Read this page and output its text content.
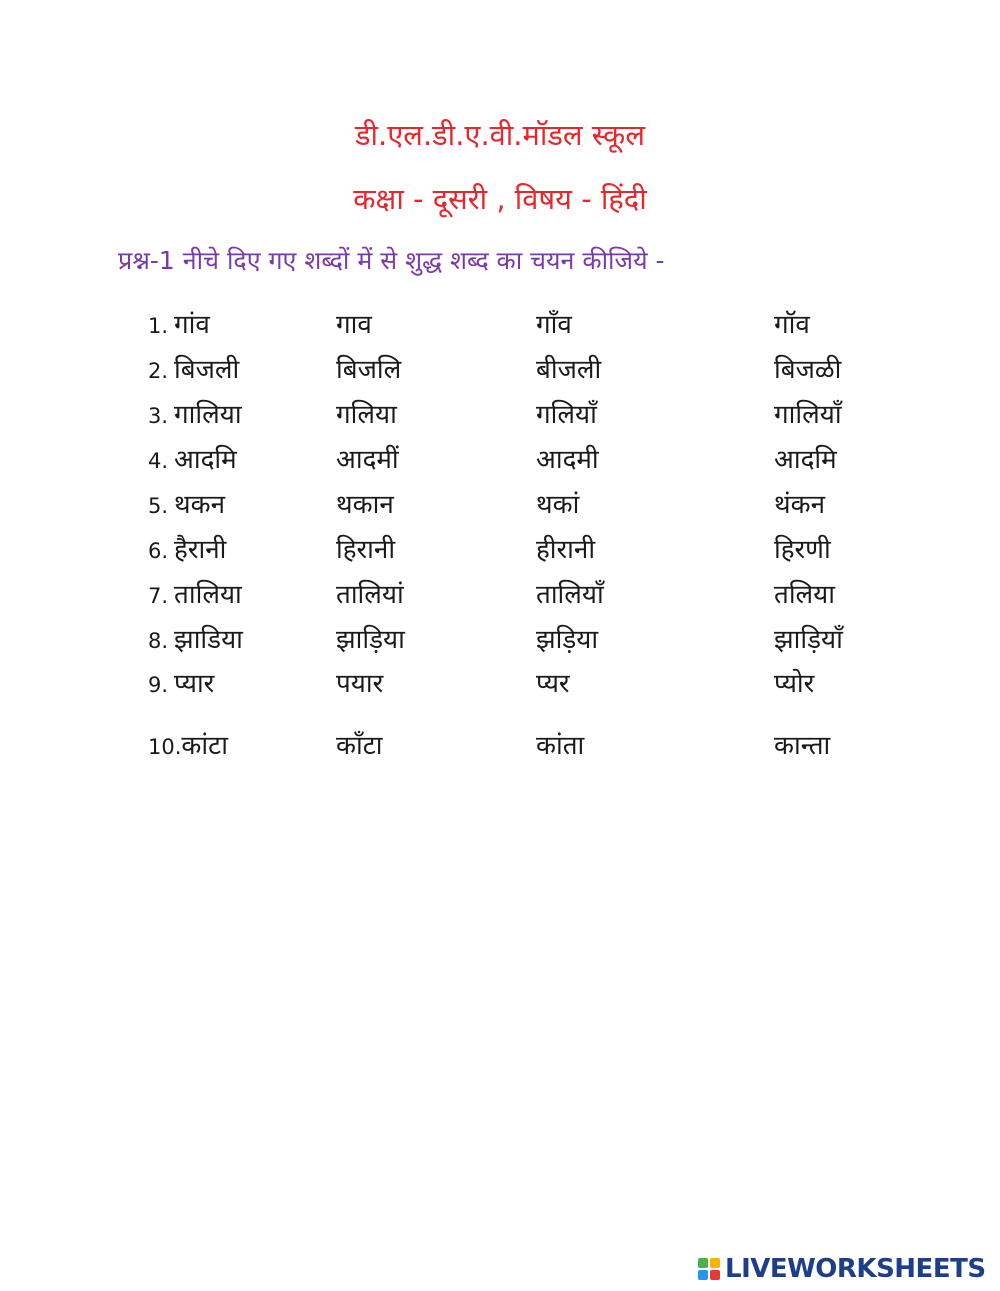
डी.एल.डी.ए.वी.मॉडल स्कूल
कक्षा - दूसरी , विषय - हिंदी
प्रश्न-1 नीचे दिए गए शब्दों में से शुद्ध शब्द का चयन कीजिये -
1. गांव	गाव	गाँव	गॉव
2. बिजली	बिजलि	बीजली	बिजळी
3. गालिया	गलिया	गलियाँ	गालियाँ
4. आदमि	आदमीं	आदमी	आदमि
5. थकन	थकान	थकां	थंकन
6. हैरानी	हिरानी	हीरानी	हिरणी
7. तालिया	तालियां	तालियाँ	तलिया
8. झाडिया	झाड़िया	झड़िया	झाड़ियाँ
9. प्यार	पयार	प्यर	प्योर
10.कांटा	काँटा	कांता	कान्ता
LIVEWORKSHEETS
